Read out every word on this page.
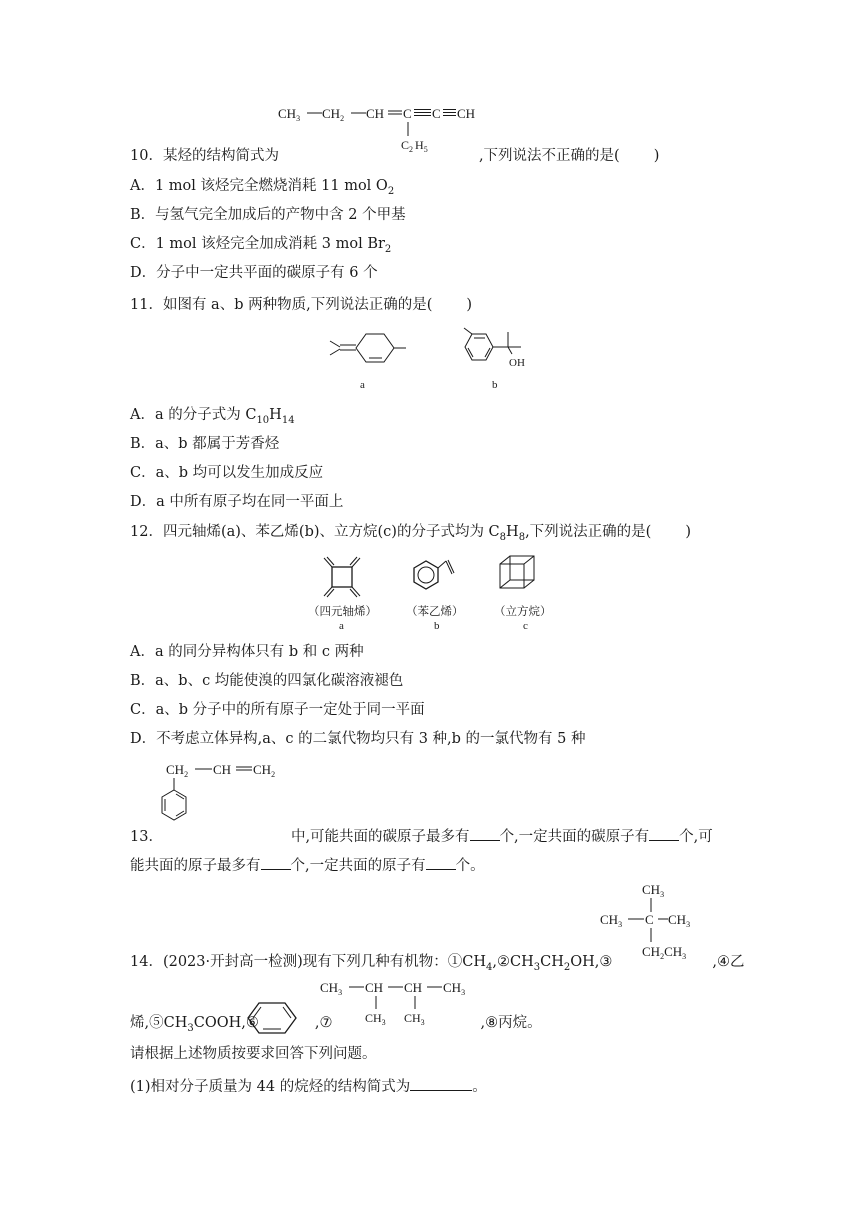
$CH_3$ $CH_2$ CH C C CH
$C_2$ $H_5$
10．某烃的结构简式为	,下列说法不正确的是( )
A．1 mol 该烃完全燃烧消耗 11 mol $O_2$
B．与氢气完全加成后的产物中含 2 个甲基
C．1 mol 该烃完全加成消耗 3 mol $Br_2$
D．分子中一定共平面的碳原子有 6 个
11．如图有 a、b 两种物质,下列说法正确的是( )
a
OH
b
A．a 的分子式为 $C_{10}H_{14}$
B．a、b 都属于芳香烃
C．a、b 均可以发生加成反应
D．a 中所有原子均在同一平面上
12．四元轴烯(a)、苯乙烯(b)、立方烷(c)的分子式均为 $C_8H_8$,下列说法正确的是( )
（四元轴烯）
a
（苯乙烯）
b
（立方烷）
c
A．a 的同分异构体只有 b 和 c 两种
B．a、b、c 均能使溴的四氯化碳溶液褪色
C．a、b 分子中的所有原子一定处于同一平面
D．不考虑立体异构,a、c 的二氯代物均只有 3 种,b 的一氯代物有 5 种
$CH_2$ CH $CH_2$
13．	中,可能共面的碳原子最多有 个,一定共面的碳原子有 个,可
能共面的原子最多有 个,一定共面的原子有 个。
$CH_3$
$CH_3$ C $CH_3$
$CH_2CH_3$
14．(2023·开封高一检测)现有下列几种有机物：$①CH_4,②CH_3CH_2OH,③$	,④乙
$CH_3$ CH CH $CH_3$
$CH_3$ $CH_3$
烯$,⑤CH_3COOH,⑥$	,⑦	,⑧丙烷。
请根据上述物质按要求回答下列问题。
(1)相对分子质量为 44 的烷烃的结构简式为	。
